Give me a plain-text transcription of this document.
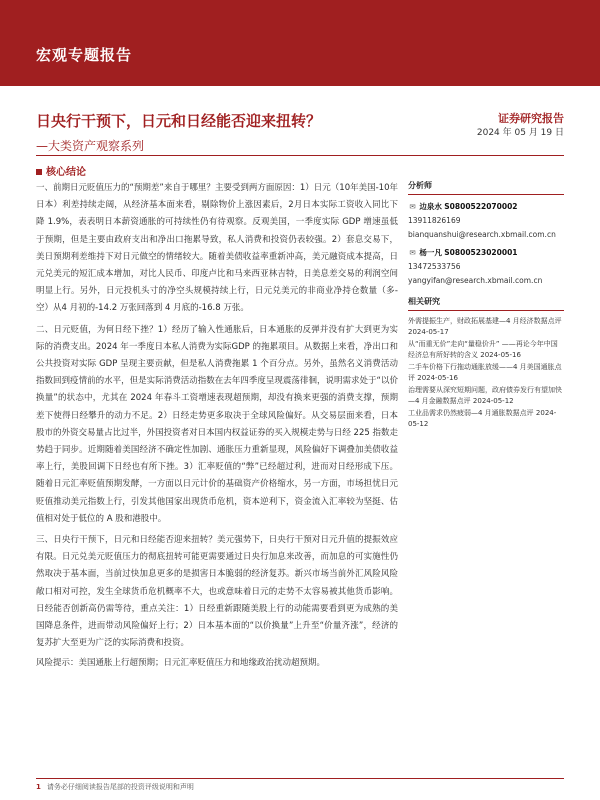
宏观专题报告
日央行干预下，日元和日经能否迎来扭转？
—大类资产观察系列
证券研究报告
2024 年 05 月 19 日
核心结论

一、前期日元贬值压力的“预期差”来自于哪里？主要受到两方面原因：1）日元（10年美国-10年日本）利差持续走阔，从经济基本面来看，剔除物价上涨因素后，2月日本实际工资收入同比下降 1.9%，表表明日本薪资通胀的可持续性仍有待观察。反观美国，一季度实际 GDP 增速虽低于预期，但是主要由政府支出和净出口拖累导致，私人消费和投资仍表较强。2）套息交易下，美日预期利差维持下对日元做空的情绪较大。随着美债收益率重新冲高，美元融资成本提高，日元兑美元的短汇成本增加，对比人民币、印度卢比和马来西亚林吉特，日美息差交易的利润空间明显上行。另外，日元投机头寸的净空头规模持续上行，日元兑美元的非商业净持仓数量（多-空）从4 月初的-14.2 万张回落到 4 月底的-16.8 万张。

二、日元贬值，为何日经下挫？1）经历了输入性通胀后，日本通胀的反弹并没有扩大到更为实际的消费支出。2024 年一季度日本私人消费为实际GDP 的拖累项目。从数据上来看，净出口和公共投资对实际 GDP 呈现主要贡献，但是私人消费拖累 1 个百分点。另外，虽然名义消费活动指数回到疫情前的水平，但是实际消费活动指数在去年四季度呈现震荡徘徊，说明需求处于“以价换量”的状态中，尤其在 2024 年春斗工资增速表现超预期，却没有换来更强的消费支撑，预期差下使得日经攀升的动力不足。2）日经走势更多取决于全球风险偏好。从交易层面来看，日本股市的外资交易量占比过半，外国投资者对日本国内权益证券的买入规模走势与日经 225 指数走势趋于同步。近期随着美国经济不确定性加剧、通胀压力重新显现，风险偏好下调叠加美债收益率上行，美股回调下日经也有所下挫。3）汇率贬值的“弊”已经超过利，进而对日经形成下压。随着日元汇率贬值预期发酵，一方面以日元计价的基础资产价格缩水，另一方面，市场担忧日元贬值推动美元指数上行，引发其他国家出现货币危机，资本逆利下，资金流入汇率较为坚挺、估值相对处于低位的 A 股和港股中。

三、日央行干预下，日元和日经能否迎来扭转？美元强势下，日央行干预对日元升值的提振效应有限。日元兑美元贬值压力的彻底扭转可能更需要通过日央行加息来改善，而加息的可实施性仍然取决于基本面，当前过快加息更多的是损害日本脆弱的经济复苏。新兴市场当前外汇风险风险敞口相对可控，发生全球货币危机概率不大，也或意味着日元的走势不太容易被其他货币影响。日经能否创新高仍需等待，重点关注：1）日经重新跟随美股上行的动能需要看到更为成熟的美国降息条件，进而带动风险偏好上行；2）日本基本面的“以价换量”上升至“价量齐涨”，经济的复苏扩大至更为广泛的实际消费和投资。

风险提示：美国通胀上行超预期；日元汇率贬值压力和地缘政治扰动超预期。

分析师
✉ 边泉水 S0800522070002
13911826169
bianquanshui@research.xbmail.com.cn
✉ 杨一凡 S0800523020001
13472533756
yangyifan@research.xbmail.com.cn
相关研究
外需提振生产，财政拓展基建—4 月经济数据点评 2024-05-17
从“而重无价”走向“量稳价升” ——再论今年中国经济总有所好转的含义 2024-05-16
二手车价格下行拖动通胀放缓——4 月美国通胀点评 2024-05-16
治理需要从深究短期问题，政府债券发行有望加快—4 月金融数据点评 2024-05-12
工业品需求仍然疲弱—4 月通胀数据点评 2024-05-12
1 请务必仔细阅读报告尾部的投资评级说明和声明
